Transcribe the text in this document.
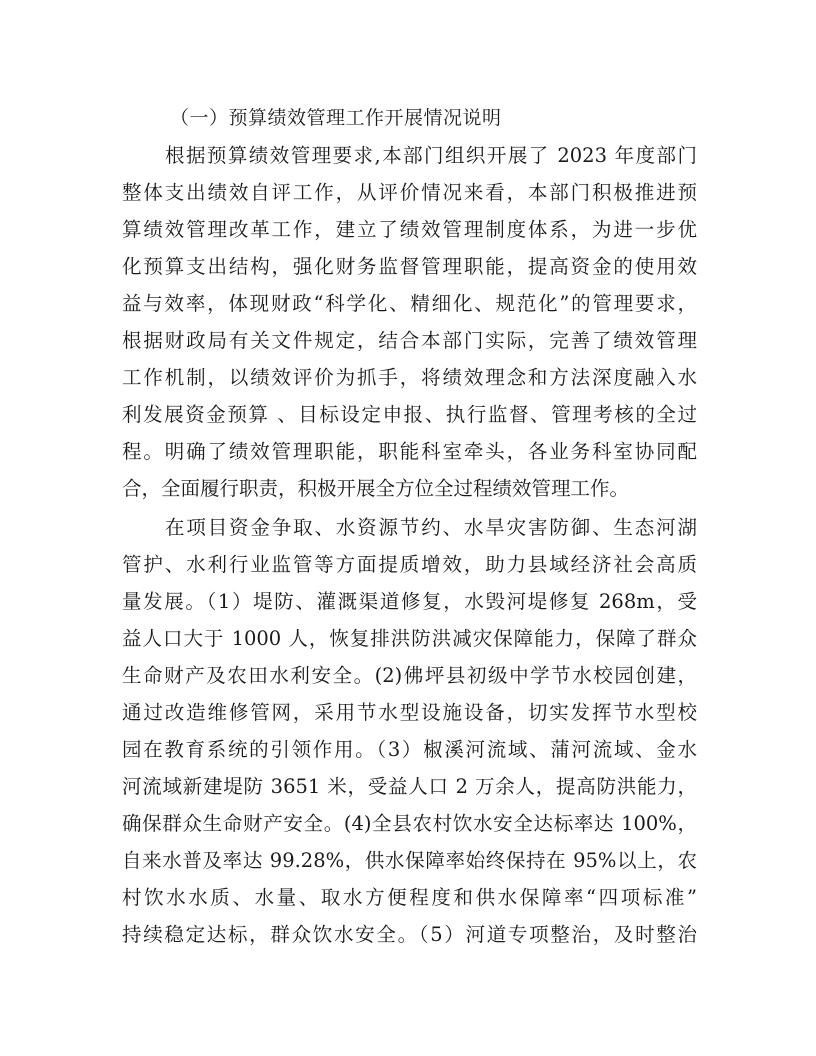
（一）预算绩效管理工作开展情况说明
根据预算绩效管理要求,本部门组织开展了 2023 年度部门
整体支出绩效自评工作，从评价情况来看，本部门积极推进预
算绩效管理改革工作，建立了绩效管理制度体系，为进一步优
化预算支出结构，强化财务监督管理职能，提高资金的使用效
益与效率，体现财政“科学化、精细化、规范化”的管理要求，
根据财政局有关文件规定，结合本部门实际，完善了绩效管理
工作机制，以绩效评价为抓手，将绩效理念和方法深度融入水
利发展资金预算 、目标设定申报、执行监督、管理考核的全过
程。明确了绩效管理职能，职能科室牵头，各业务科室协同配
合，全面履行职责，积极开展全方位全过程绩效管理工作。
在项目资金争取、水资源节约、水旱灾害防御、生态河湖
管护、水利行业监管等方面提质增效，助力县域经济社会高质
量发展。（1）堤防、灌溉渠道修复，水毁河堤修复 268m，受
益人口大于 1000 人，恢复排洪防洪减灾保障能力，保障了群众
生命财产及农田水利安全。(2)佛坪县初级中学节水校园创建，
通过改造维修管网，采用节水型设施设备，切实发挥节水型校
园在教育系统的引领作用。（3）椒溪河流域、蒲河流域、金水
河流域新建堤防 3651 米，受益人口 2 万余人，提高防洪能力，
确保群众生命财产安全。(4)全县农村饮水安全达标率达 100%，
自来水普及率达 99.28%，供水保障率始终保持在 95%以上，农
村饮水水质、水量、取水方便程度和供水保障率“四项标准”
持续稳定达标，群众饮水安全。（5）河道专项整治，及时整治
